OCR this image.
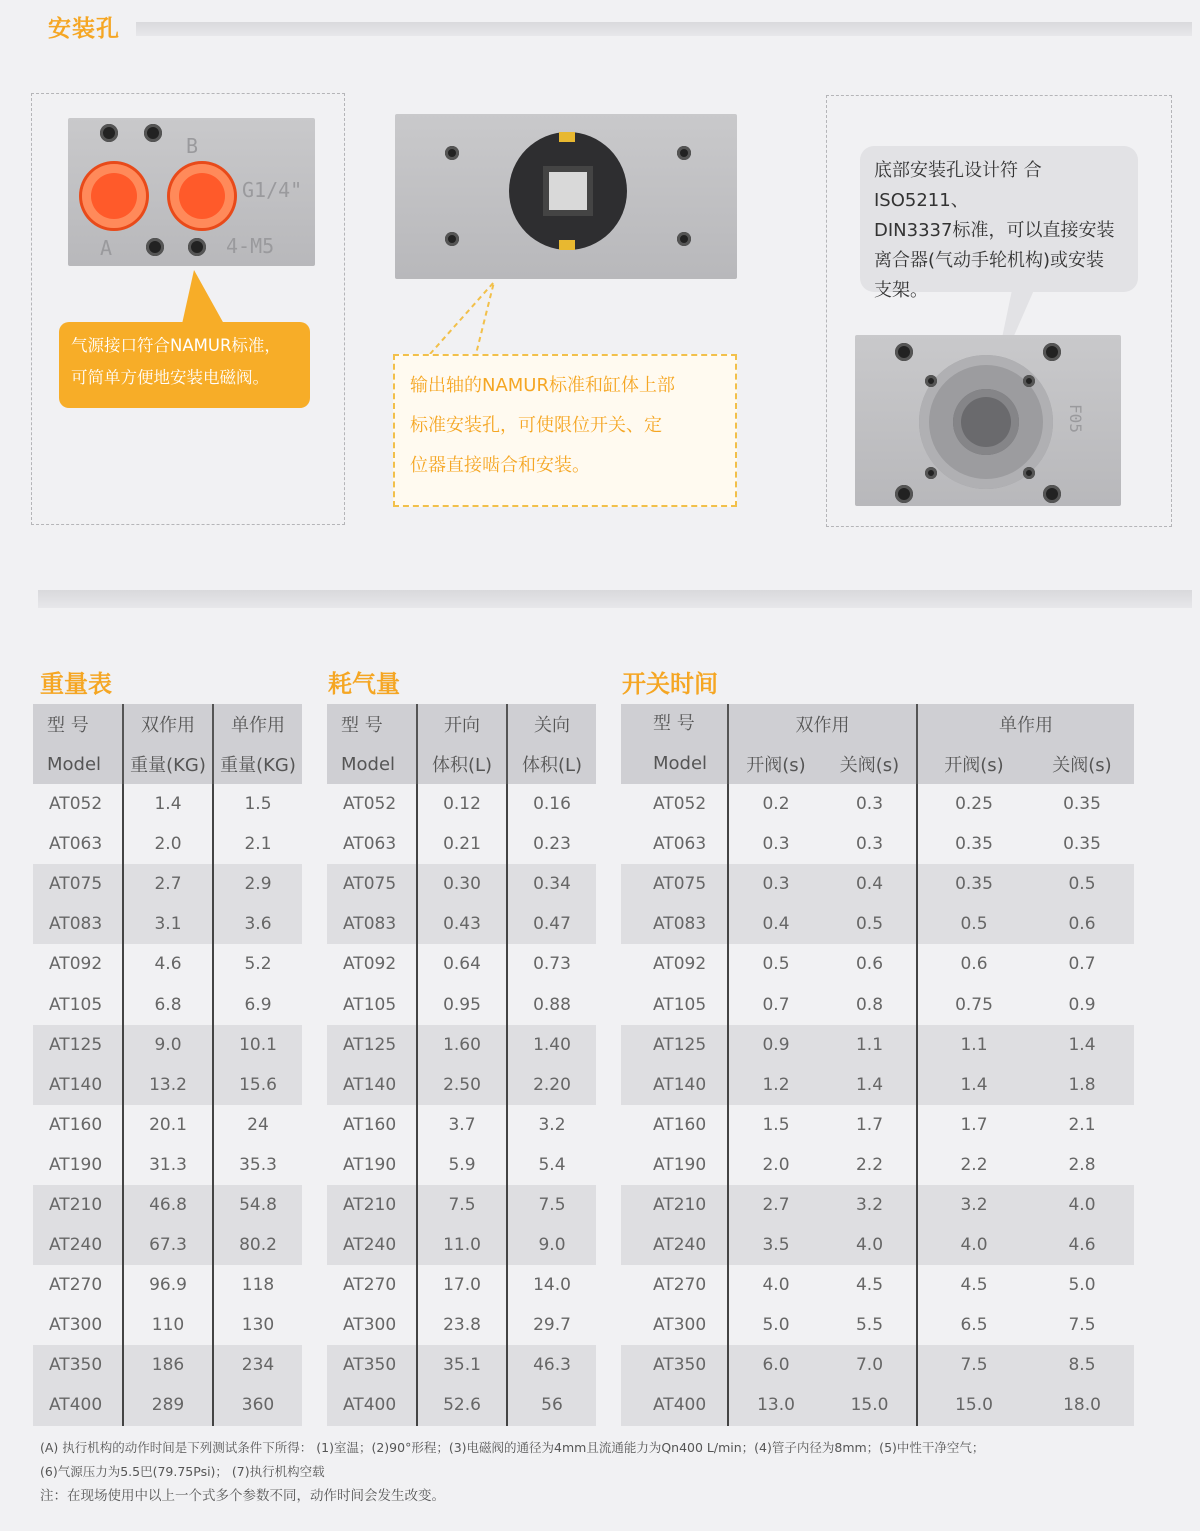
安装孔
B
A
G1/4"
4-M5
气源接口符合NAMUR标准，
可简单方便地安装电磁阀。	输出轴的NAMUR标准和缸体上部
标准安装孔，可使限位开关、定
位器直接啮合和安装。
底部安装孔设计符 合ISO5211、
DIN3337标准，可以直接安装
离合器(气动手轮机构)或安装
支架。
F05
重量表
型 号	双作用	单作用
Model	重量(KG)	重量(KG)
AT052	1.4	1.5
AT063	2.0	2.1
AT075	2.7	2.9
AT083	3.1	3.6
AT092	4.6	5.2
AT105	6.8	6.9
AT125	9.0	10.1
AT140	13.2	15.6
AT160	20.1	24
AT190	31.3	35.3
AT210	46.8	54.8
AT240	67.3	80.2
AT270	96.9	118
AT300	110	130
AT350	186	234
AT400	289	360
耗气量
型 号	开向	关向
Model	体积(L)	体积(L)
AT052	0.12	0.16
AT063	0.21	0.23
AT075	0.30	0.34
AT083	0.43	0.47
AT092	0.64	0.73
AT105	0.95	0.88
AT125	1.60	1.40
AT140	2.50	2.20
AT160	3.7	3.2
AT190	5.9	5.4
AT210	7.5	7.5
AT240	11.0	9.0
AT270	17.0	14.0
AT300	23.8	29.7
AT350	35.1	46.3
AT400	52.6	56
开关时间
型 号
Model	双作用		单作用	
	开阀(s)	关阀(s)	开阀(s)	关阀(s)
AT052	0.2	0.3	0.25	0.35
AT063	0.3	0.3	0.35	0.35
AT075	0.3	0.4	0.35	0.5
AT083	0.4	0.5	0.5	0.6
AT092	0.5	0.6	0.6	0.7
AT105	0.7	0.8	0.75	0.9
AT125	0.9	1.1	1.1	1.4
AT140	1.2	1.4	1.4	1.8
AT160	1.5	1.7	1.7	2.1
AT190	2.0	2.2	2.2	2.8
AT210	2.7	3.2	3.2	4.0
AT240	3.5	4.0	4.0	4.6
AT270	4.0	4.5	4.5	5.0
AT300	5.0	5.5	6.5	7.5
AT350	6.0	7.0	7.5	8.5
AT400	13.0	15.0	15.0	18.0
(A) 执行机构的动作时间是下列测试条件下所得： (1)室温；(2)90°形程；(3)电磁阀的通径为4mm且流通能力为Qn400 L/min；(4)管子内径为8mm；(5)中性干净空气；
(6)气源压力为5.5巴(79.75Psi)； (7)执行机构空载
注：在现场使用中以上一个式多个参数不同，动作时间会发生改变。
